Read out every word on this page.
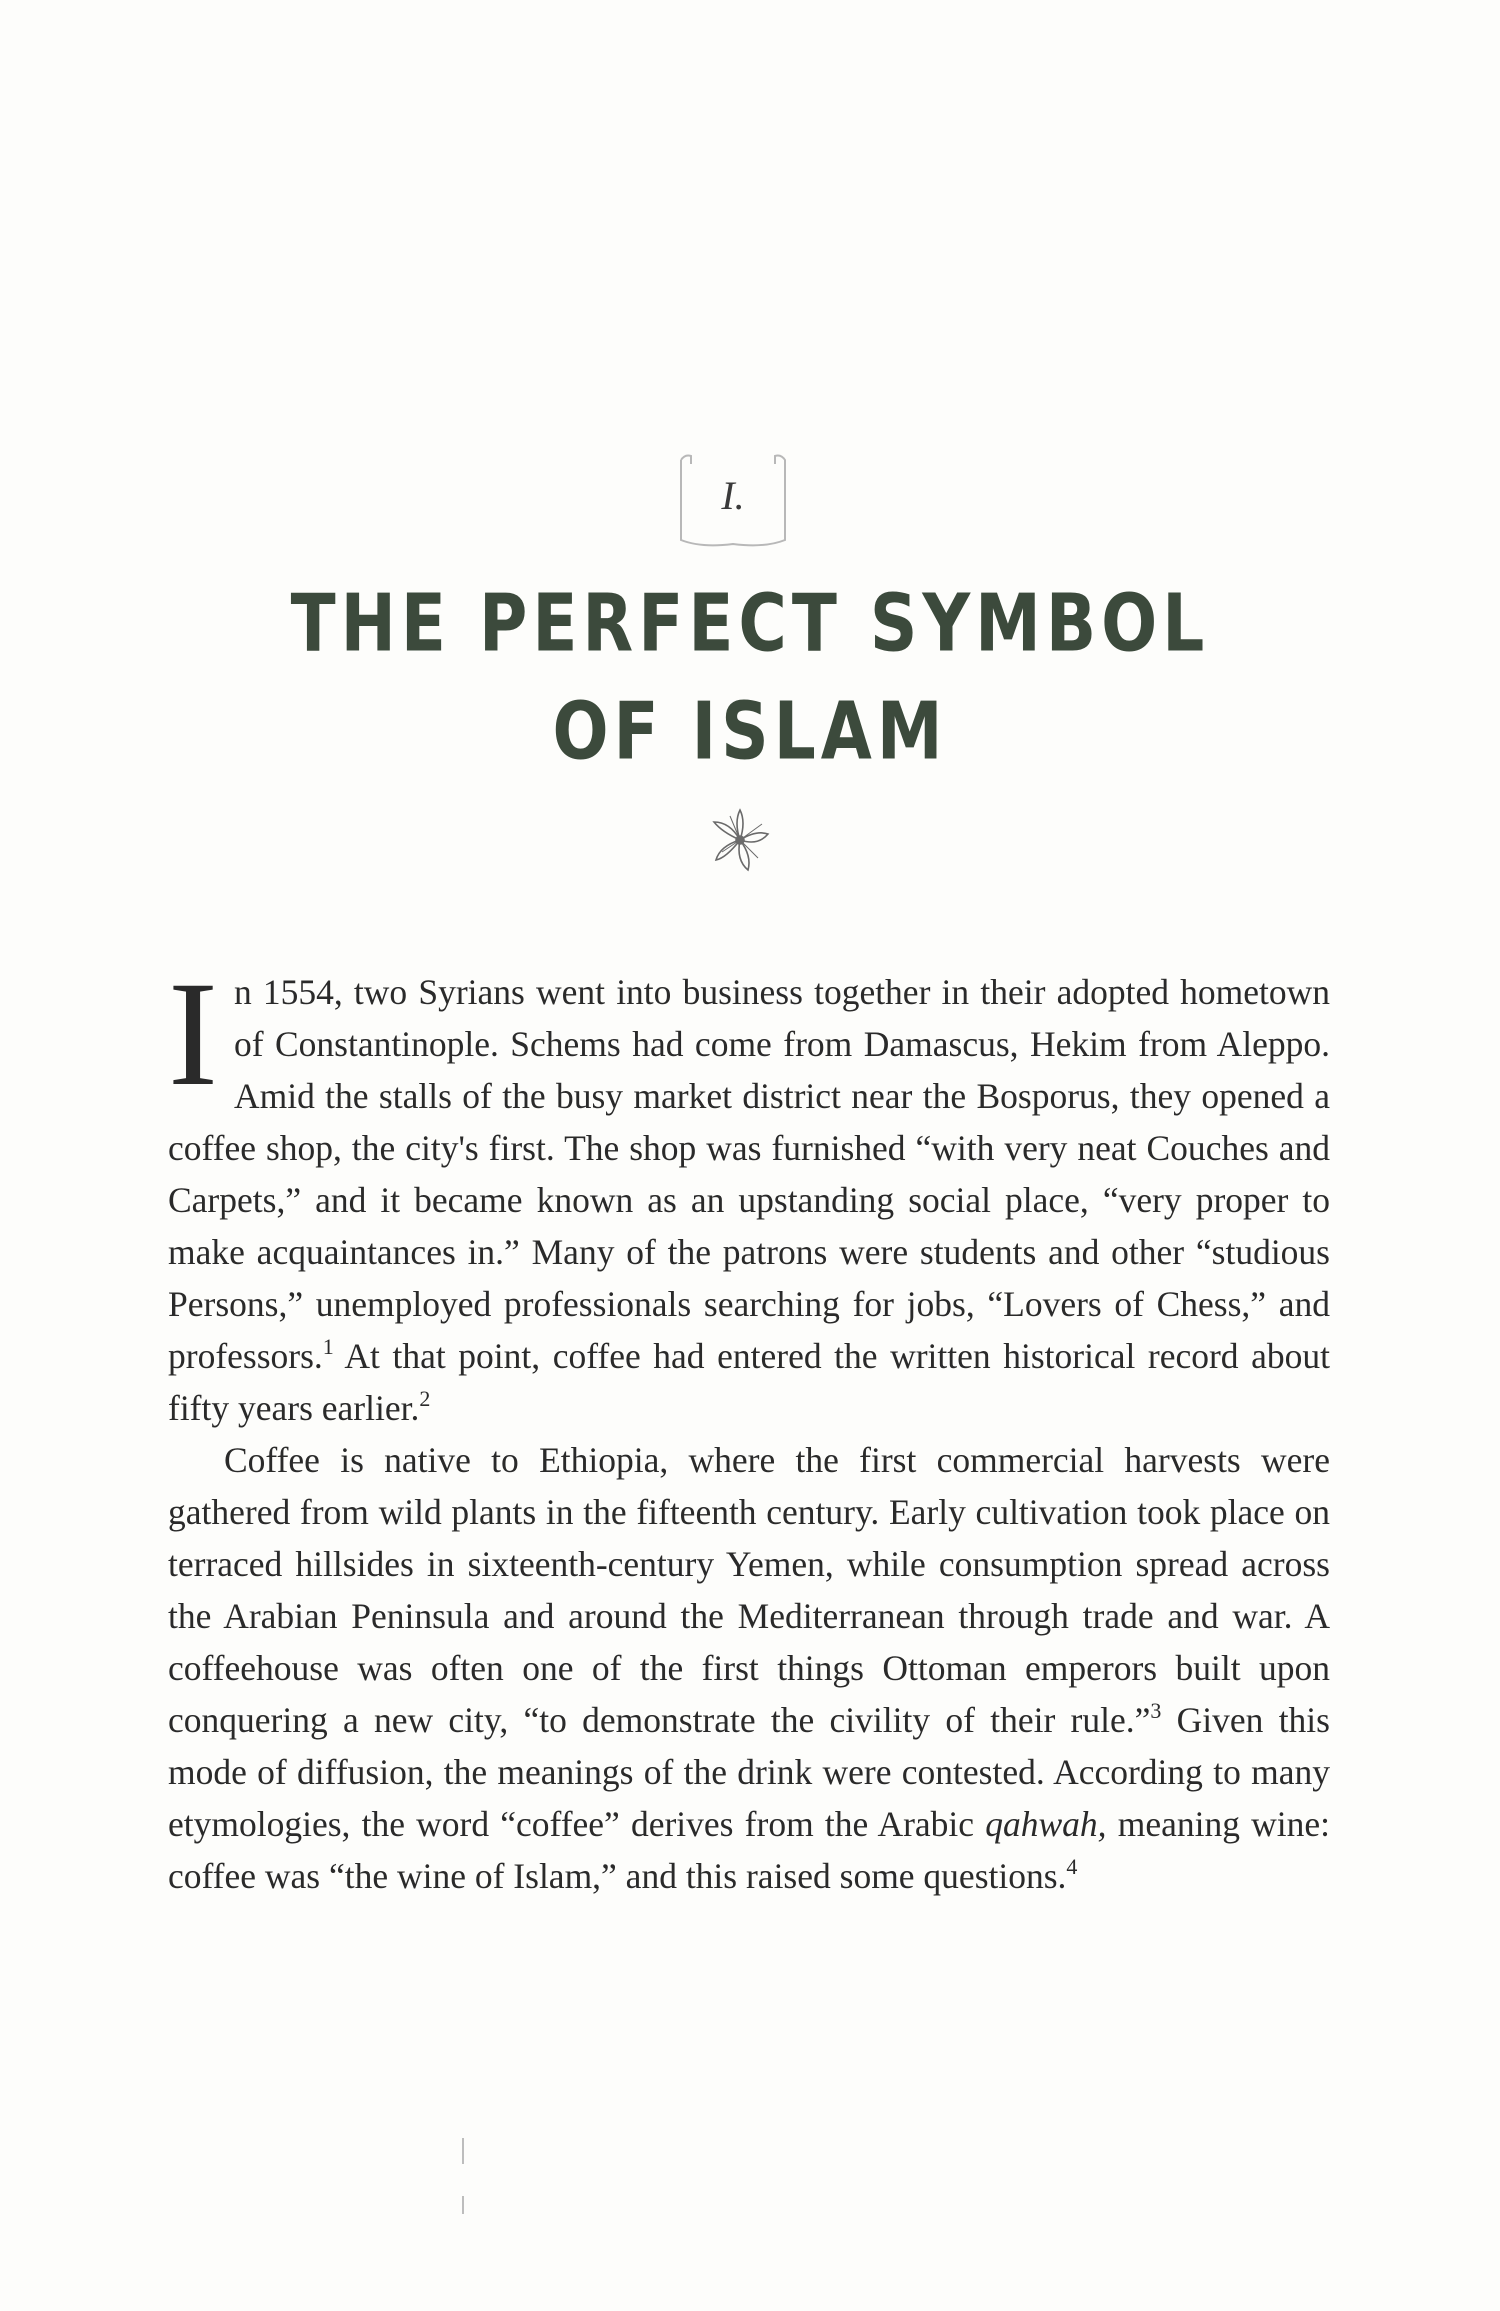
I.
THE PERFECT SYMBOL
OF ISLAM

In 1554, two Syrians went into business together in their adopted hometown of Constantinople. Schems had come from Damascus, Hekim from Aleppo. Amid the stalls of the busy market district near the Bosporus, they opened a coffee shop, the city's first. The shop was furnished “with very neat Couches and Carpets,” and it became known as an upstanding social place, “very proper to make acquaintances in.” Many of the patrons were students and other “studious Persons,” unemployed professionals searching for jobs, “Lovers of Chess,” and professors.$^1$ At that point, coffee had entered the written historical record about fifty years earlier.$^2$

Coffee is native to Ethiopia, where the first commercial harvests were gathered from wild plants in the fifteenth century. Early cultivation took place on terraced hillsides in sixteenth-century Yemen, while consumption spread across the Arabian Peninsula and around the Mediterranean through trade and war. A coffeehouse was often one of the first things Ottoman emperors built upon conquering a new city, “to demonstrate the civility of their rule.”$^3$ Given this mode of diffusion, the meanings of the drink were contested. According to many etymologies, the word “coffee” derives from the Arabic qahwah, meaning wine: coffee was “the wine of Islam,” and this raised some questions.$^4$
